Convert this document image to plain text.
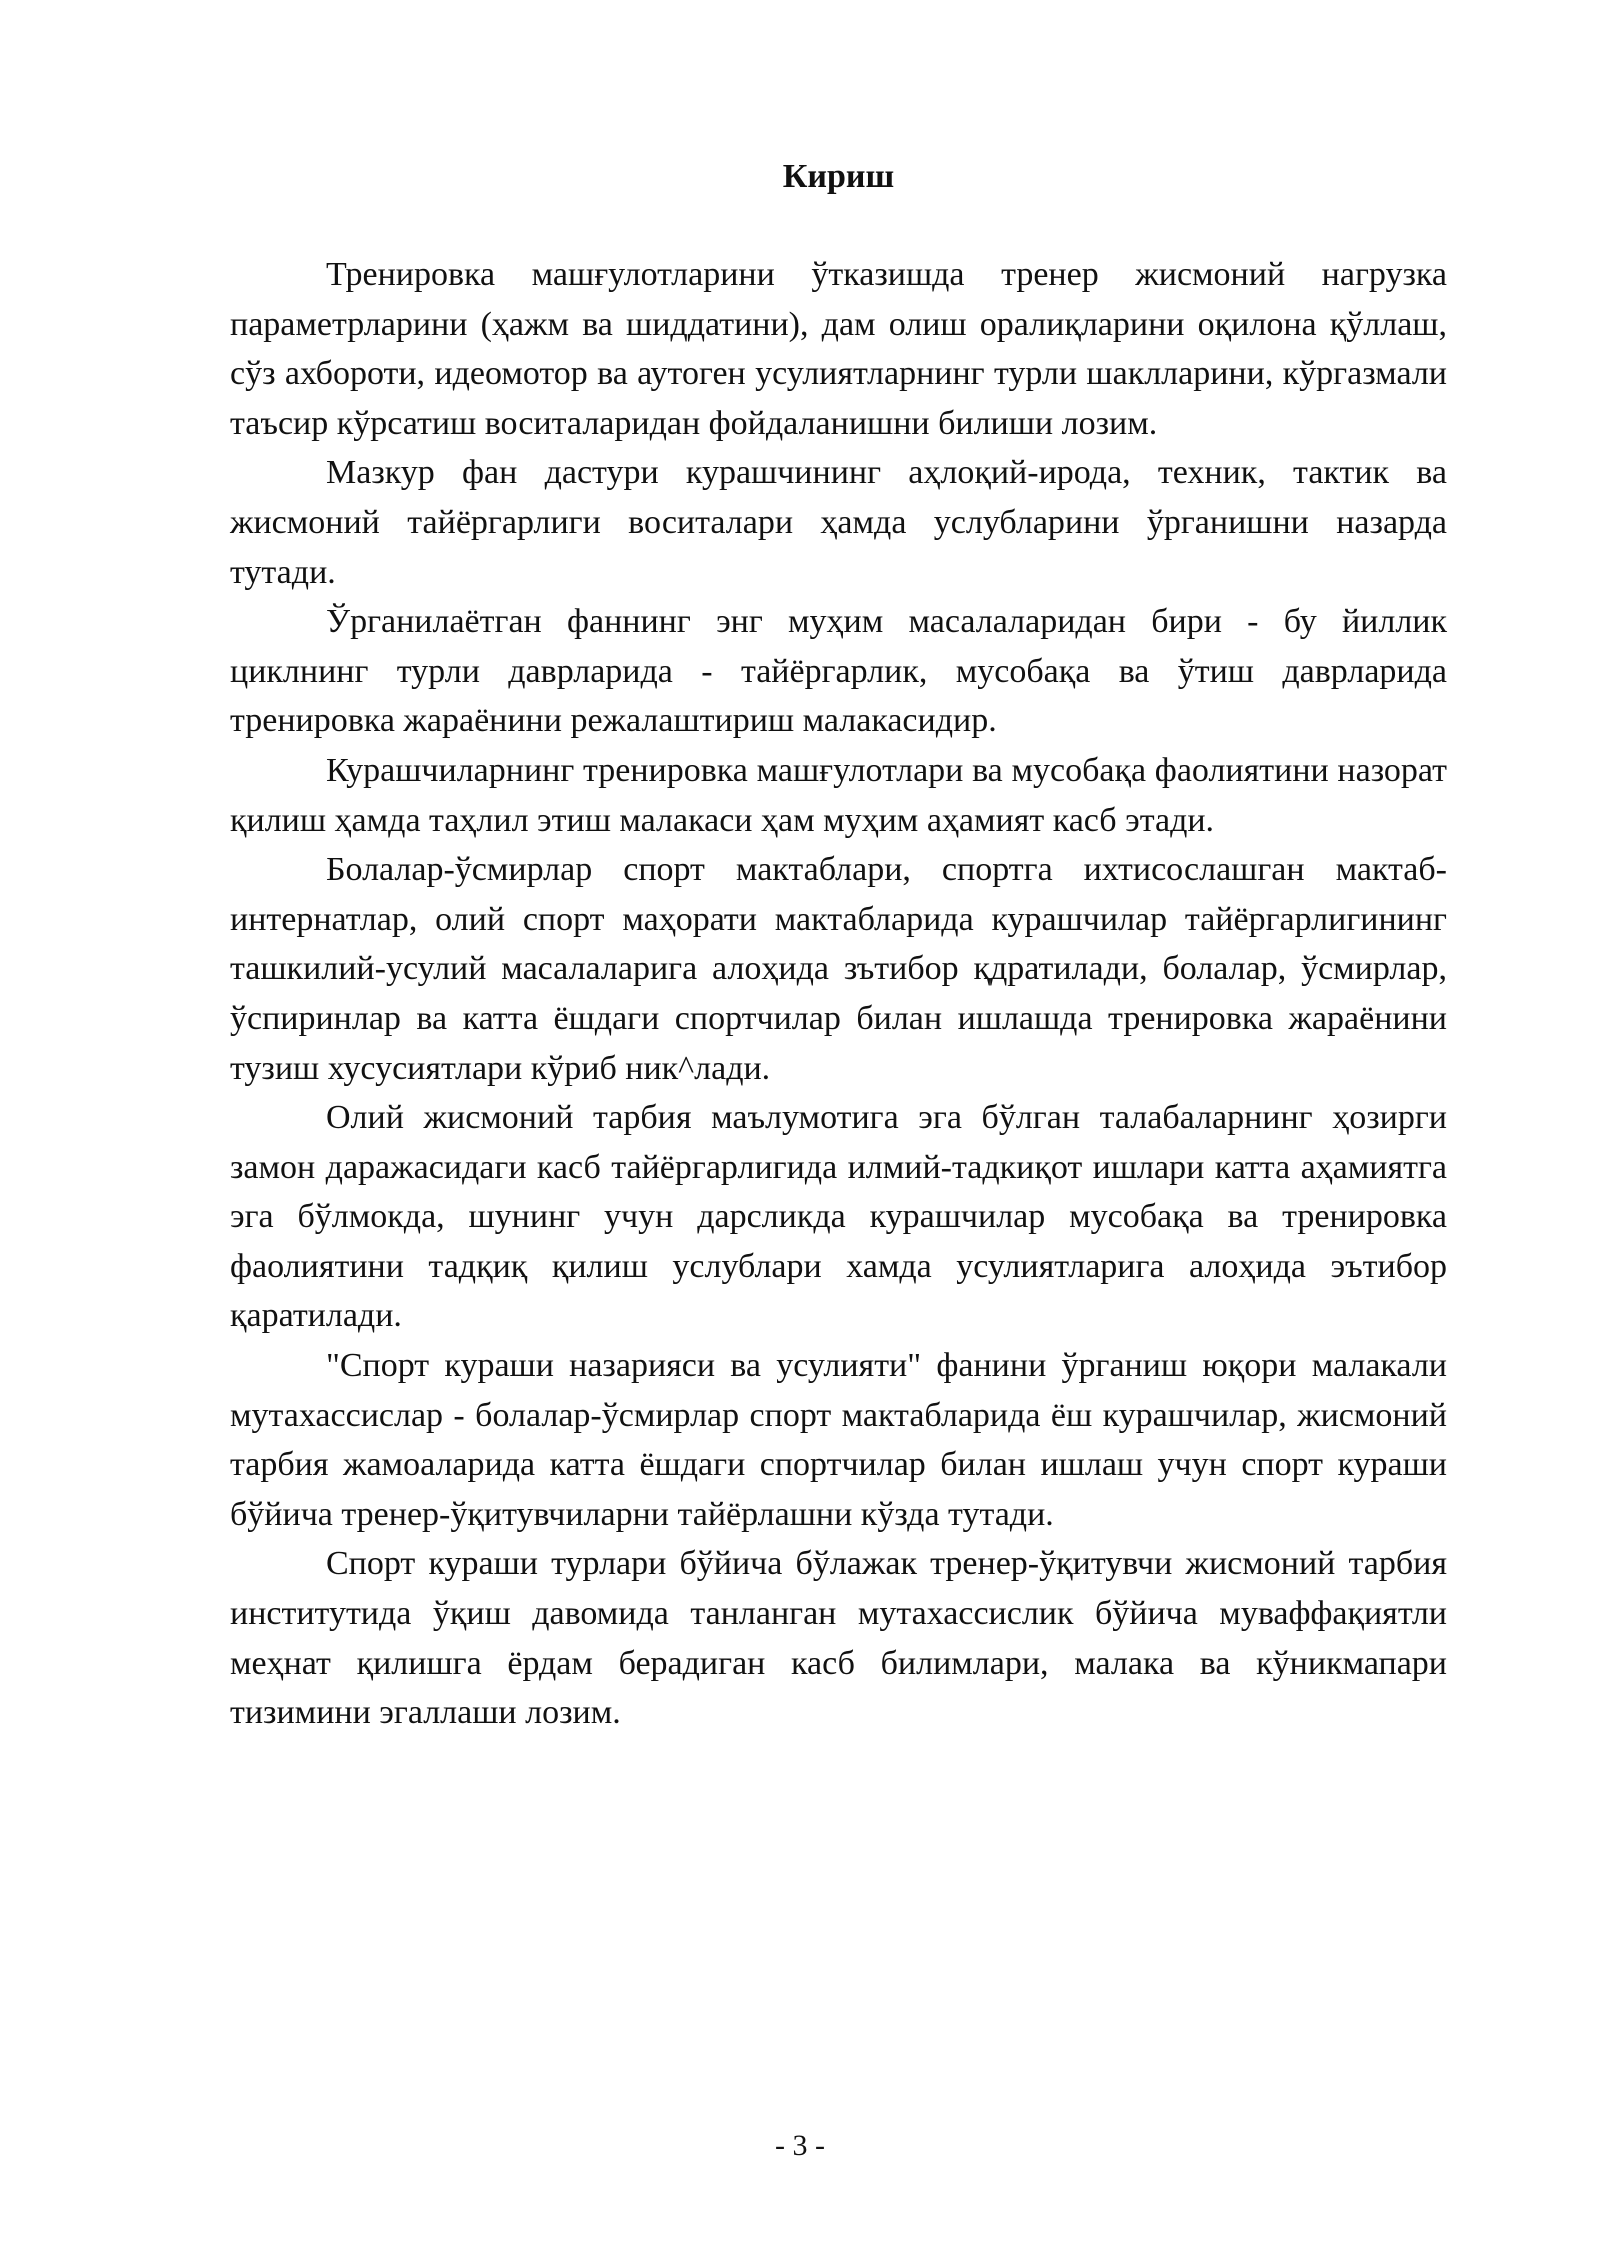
Кириш

Тренировка машғулотларини ўтказишда тренер жисмоний нагрузка параметрларини (ҳажм ва шиддатини), дам олиш оралиқларини оқилона қўллаш, сўз ахбороти, идеомотор ва аутоген усулиятларнинг турли шаклларини, кўргазмали таъсир кўрсатиш воситаларидан фойдаланишни билиши лозим.

Мазкур фан дастури курашчининг аҳлоқий-ирода, техник, тактик ва жисмоний тайёргарлиги воситалари ҳамда услубларини ўрганишни назарда тутади.

Ўрганилаётган фаннинг энг муҳим масалаларидан бири - бу йиллик циклнинг турли даврларида - тайёргарлик, мусобақа ва ўтиш даврларида тренировка жараёнини режалаштириш малакасидир.

Курашчиларнинг тренировка машғулотлари ва мусобақа фаолиятини назорат қилиш ҳамда таҳлил этиш малакаси ҳам муҳим аҳамият касб этади.

Болалар-ўсмирлар спорт мактаблари, спортга ихтисослашган мактаб-интернатлар, олий спорт маҳорати мактабларида курашчилар тайёргарлигининг ташкилий-усулий масалаларига алоҳида зътибор қдратилади, болалар, ўсмирлар, ўспиринлар ва катта ёшдаги спортчилар билан ишлашда тренировка жараёнини тузиш хусусиятлари кўриб ник^лади.

Олий жисмоний тарбия маълумотига эга бўлган талабаларнинг ҳозирги замон даражасидаги касб тайёргарлигида илмий-тадкиқот ишлари катта аҳамиятга эга бўлмокда, шунинг учун дарсликда курашчилар мусобақа ва тренировка фаолиятини тадқиқ қилиш услублари хамда усулиятларига алоҳида эътибор қаратилади.

"Спорт кураши назарияси ва усулияти" фанини ўрганиш юқори малакали мутахассислар - болалар-ўсмирлар спорт мактабларида ёш курашчилар, жисмоний тарбия жамоаларида катта ёшдаги спортчилар билан ишлаш учун спорт кураши бўйича тренер-ўқитувчиларни тайёрлашни кўзда тутади.

Спорт кураши турлари бўйича бўлажак тренер-ўқитувчи жисмоний тарбия институтида ўқиш давомида танланган мутахассислик бўйича муваффақиятли меҳнат қилишга ёрдам берадиган касб билимлари, малака ва кўникмапари тизимини эгаллаши лозим.

- 3 -
